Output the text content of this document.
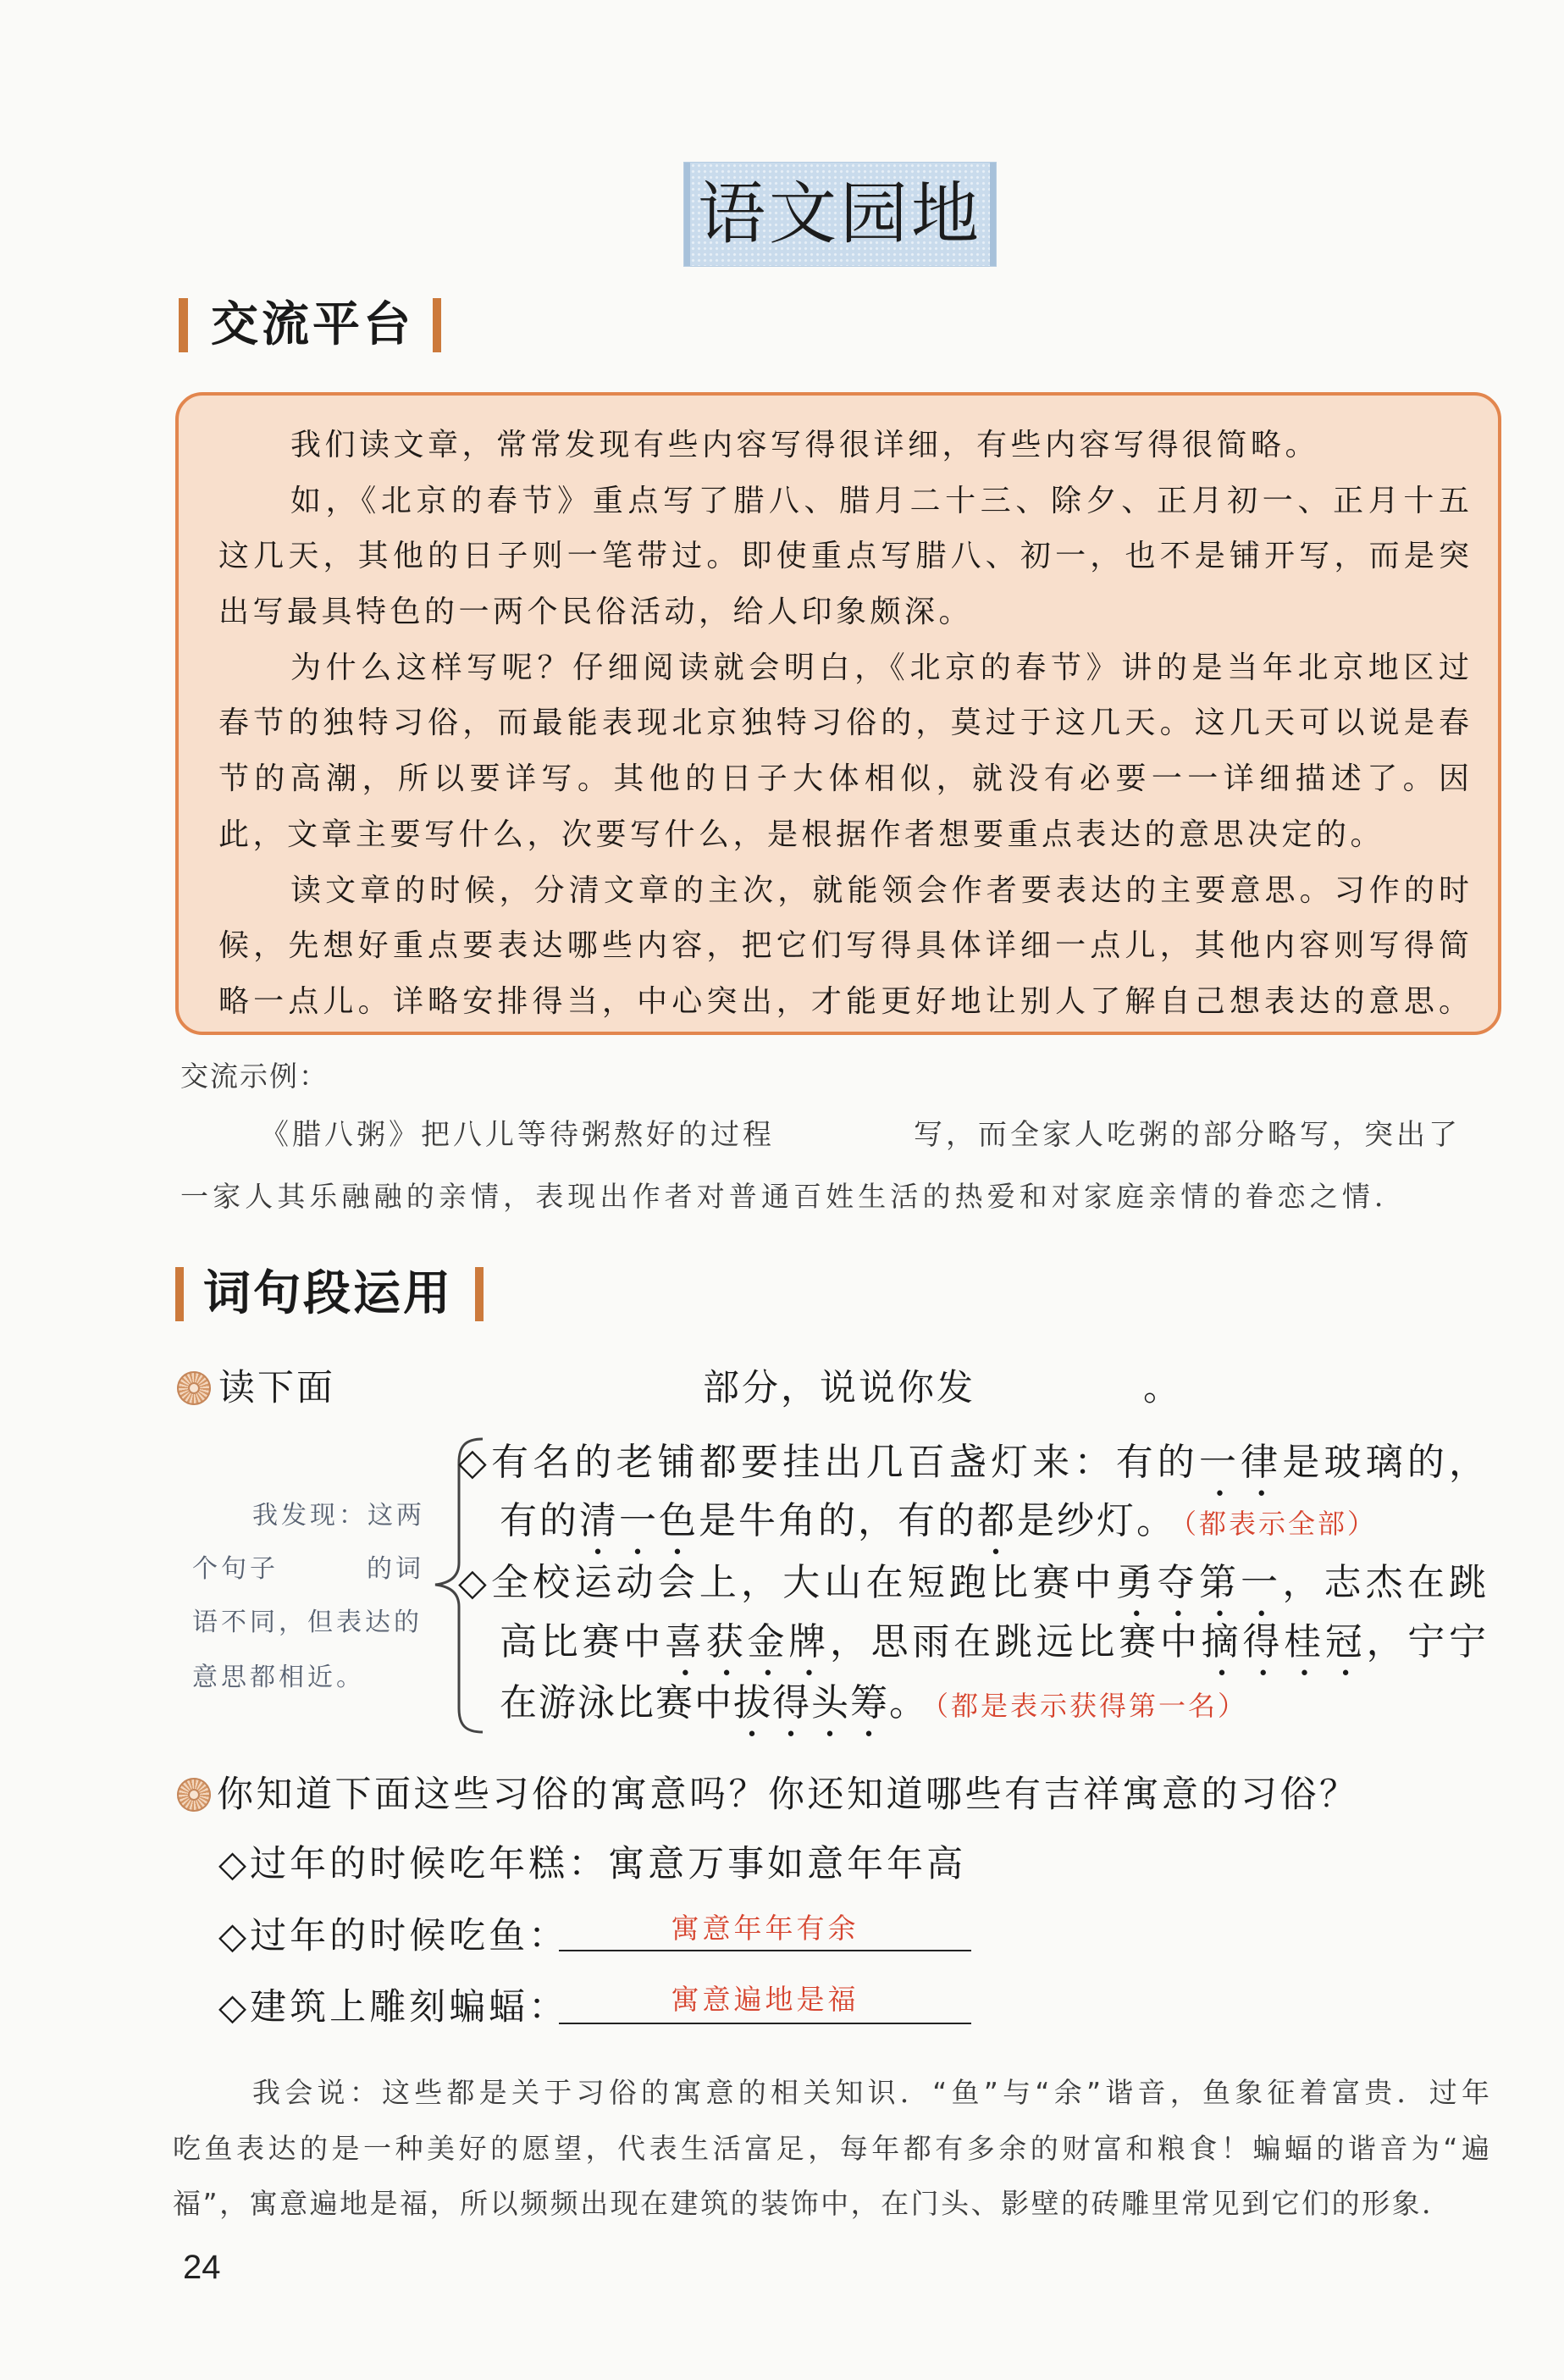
语文园地
交流平台
我们读文章，常常发现有些内容写得很详细，有些内容写得很简略。
如，《北京的春节》重点写了腊八、腊月二十三、除夕、正月初一、正月十五
这几天，其他的日子则一笔带过。即使重点写腊八、初一，也不是铺开写，而是突
出写最具特色的一两个民俗活动，给人印象颇深。
为什么这样写呢？仔细阅读就会明白，《北京的春节》讲的是当年北京地区过
春节的独特习俗，而最能表现北京独特习俗的，莫过于这几天。这几天可以说是春
节的高潮，所以要详写。其他的日子大体相似，就没有必要一一详细描述了。因
此，文章主要写什么，次要写什么，是根据作者想要重点表达的意思决定的。
读文章的时候，分清文章的主次，就能领会作者要表达的主要意思。习作的时
候，先想好重点要表达哪些内容，把它们写得具体详细一点儿，其他内容则写得简
略一点儿。详略安排得当，中心突出，才能更好地让别人了解自己想表达的意思。
交流示例：
《腊八粥》把八儿等待粥熬好的过程	写，而全家人吃粥的部分略写，突出了
一家人其乐融融的亲情，表现出作者对普通百姓生活的热爱和对家庭亲情的眷恋之情．
词句段运用
读下面	部分，说说你发	。
我发现：这两
个句子	的词
语不同，但表达的
意思都相近。
◇有名的老铺都要挂出几百盏灯来：有的一律是玻璃的，
有的清一色是牛角的，有的都是纱灯。 （都表示全部）
◇全校运动会上，大山在短跑比赛中勇夺第一，志杰在跳
高比赛中喜获金牌，思雨在跳远比赛中摘得桂冠，宁宁
在游泳比赛中拔得头筹。 （都是表示获得第一名）
你知道下面这些习俗的寓意吗？你还知道哪些有吉祥寓意的习俗？
◇过年的时候吃年糕：寓意万事如意年年高
◇过年的时候吃鱼：	寓意年年有余
◇建筑上雕刻蝙蝠：	寓意遍地是福
我会说：这些都是关于习俗的寓意的相关知识．“鱼”与“余”谐音，鱼象征着富贵．过年
吃鱼表达的是一种美好的愿望，代表生活富足，每年都有多余的财富和粮食！蝙蝠的谐音为“遍
福”，寓意遍地是福，所以频频出现在建筑的装饰中，在门头、影壁的砖雕里常见到它们的形象．
24
